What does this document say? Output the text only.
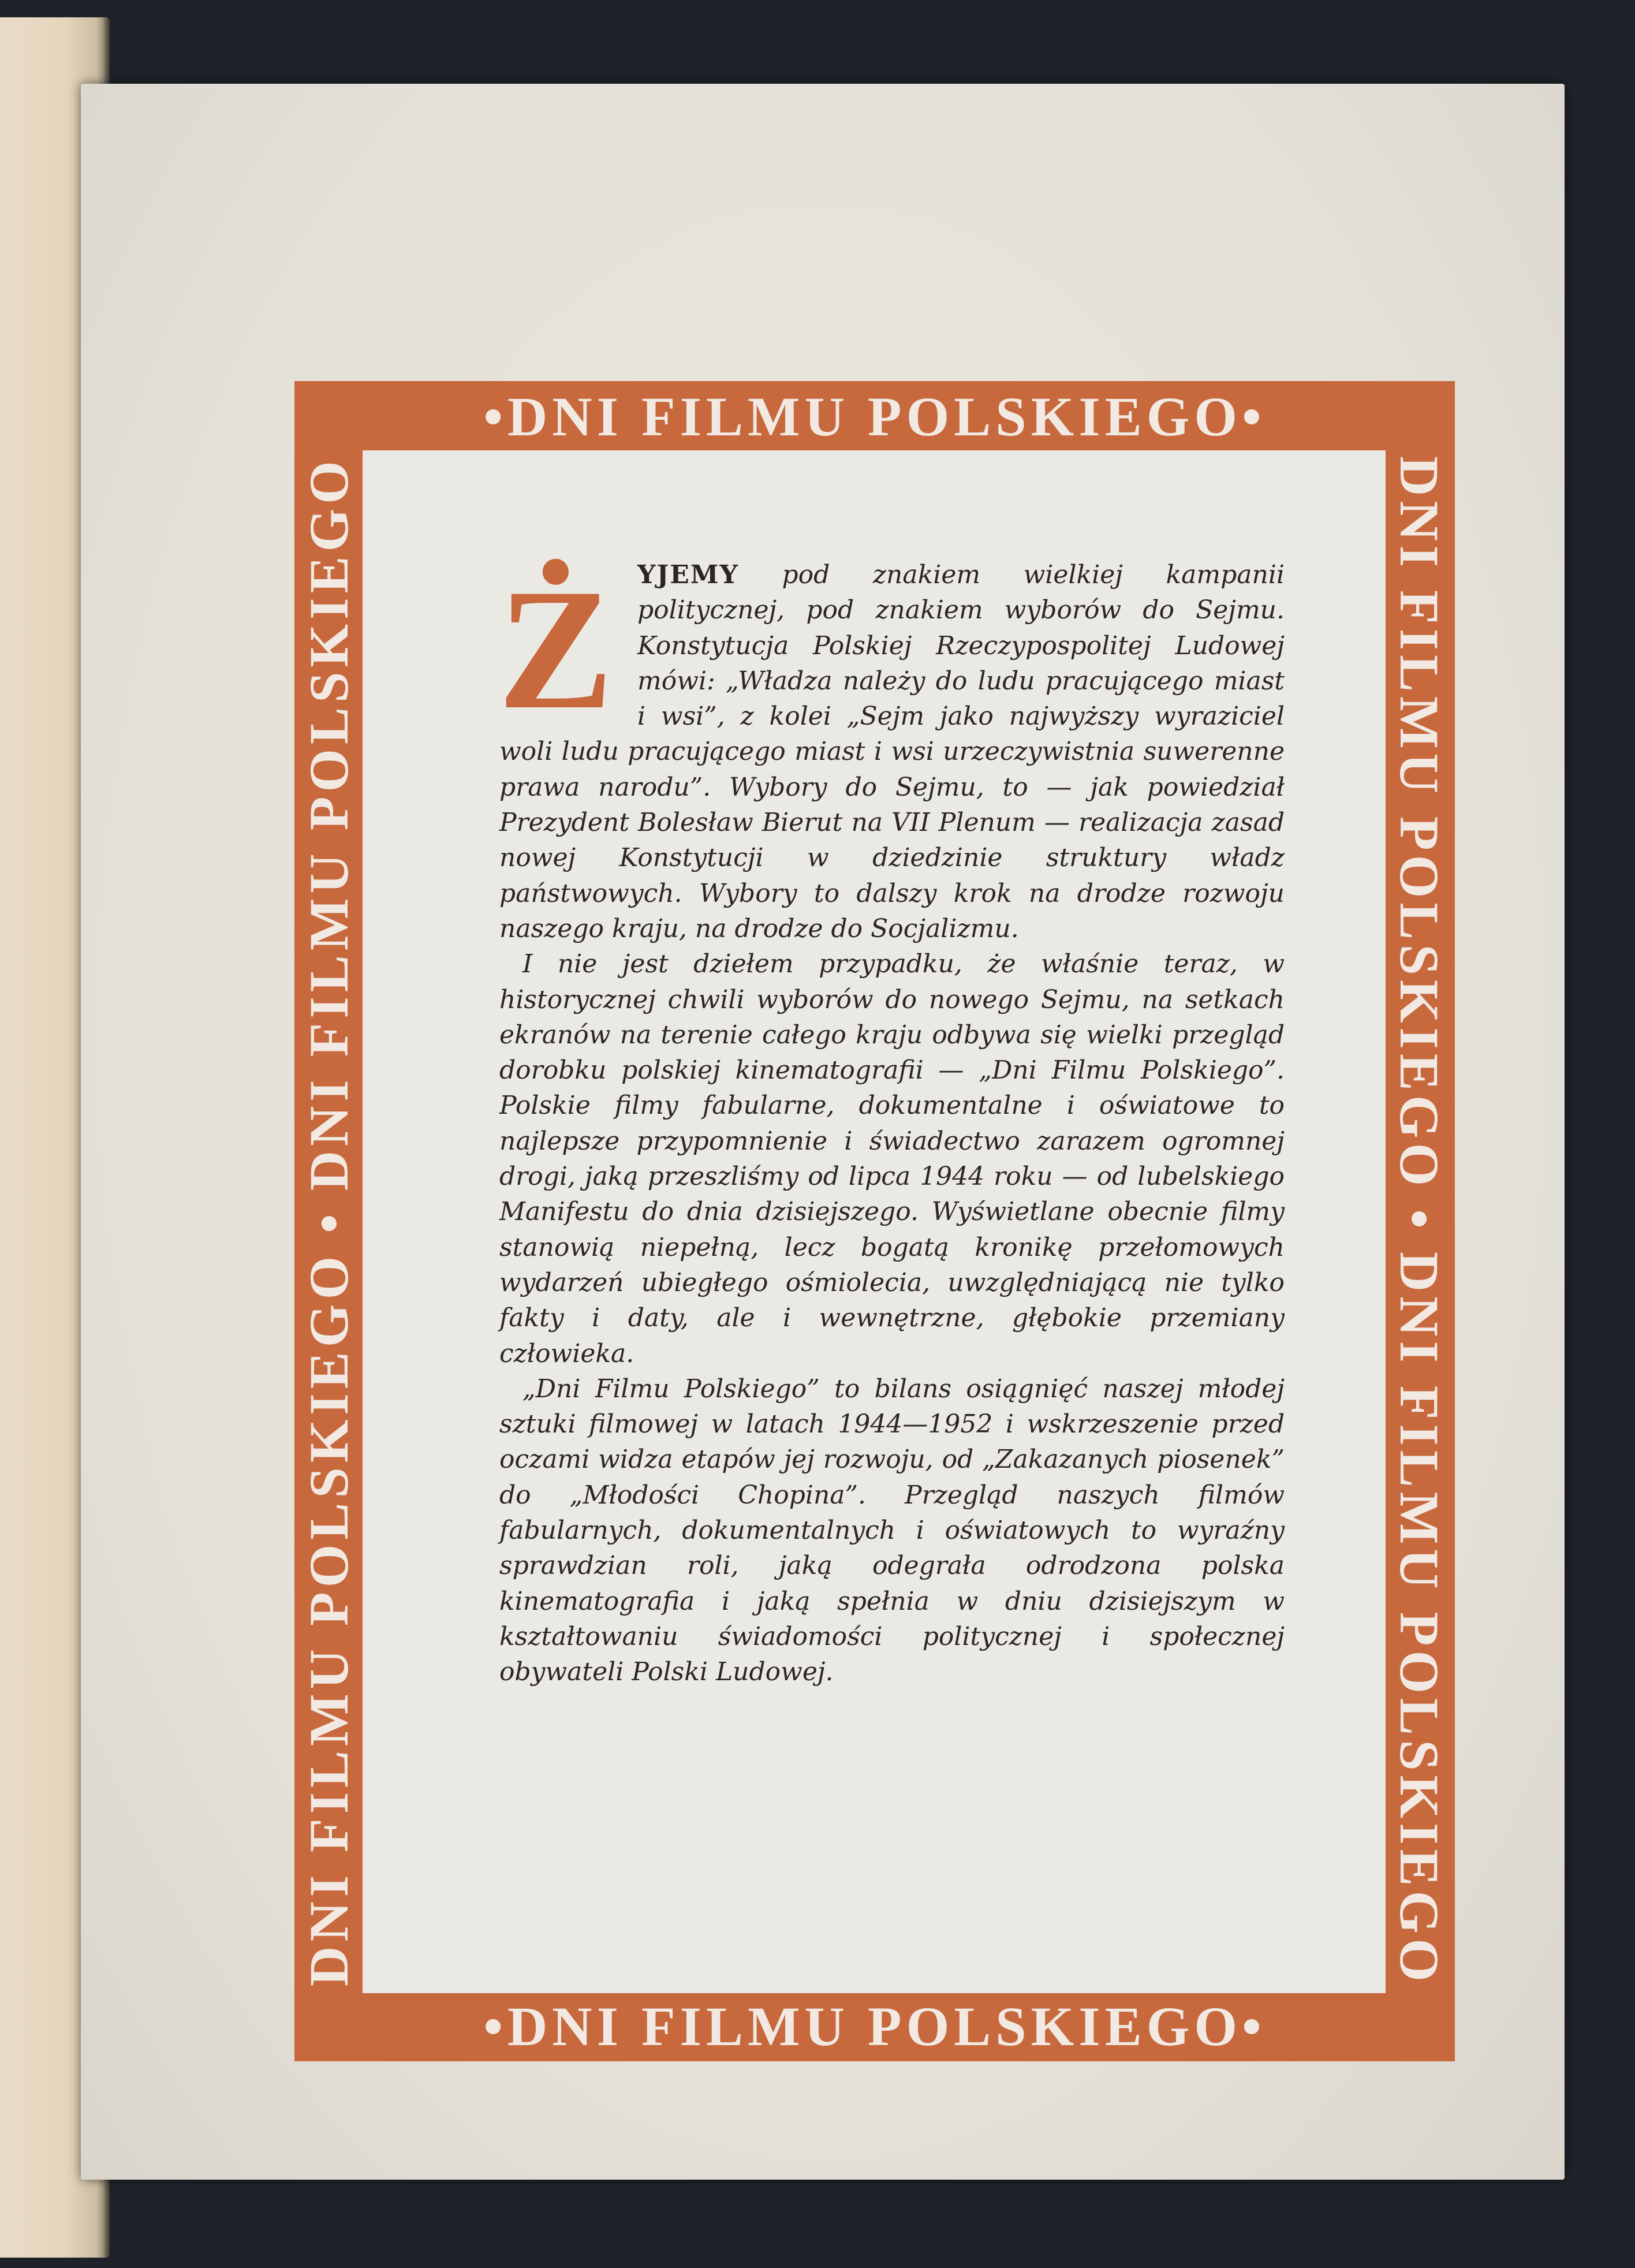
•DNI FILMU POLSKIEGO•
DNI FILMU POLSKIEGO • DNI FILMU POLSKIEGO	DNI FILMU POLSKIEGO • DNI FILMU POLSKIEGO
•DNI FILMU POLSKIEGO•
Ż YJEMY pod znakiem wielkiej kampanii politycznej, pod znakiem wyborów do Sejmu. Konstytucja Polskiej Rzeczypospolitej Ludowej mówi: „Władza należy do ludu pracującego miast i wsi”, z kolei „Sejm jako najwyższy wyraziciel woli ludu pracującego miast i wsi urzeczywistnia suwerenne prawa narodu”. Wybory do Sejmu, to — jak powiedział Prezydent Bolesław Bierut na VII Plenum — realizacja zasad nowej Konstytucji w dziedzinie struktury władz państwowych. Wybory to dalszy krok na drodze rozwoju naszego kraju, na drodze do Socjalizmu.

I nie jest dziełem przypadku, że właśnie teraz, w historycznej chwili wyborów do nowego Sejmu, na setkach ekranów na terenie całego kraju odbywa się wielki przegląd dorobku polskiej kinematografii — „Dni Filmu Polskiego”. Polskie filmy fabularne, dokumentalne i oświatowe to najlepsze przypomnienie i świadectwo zarazem ogromnej drogi, jaką przeszliśmy od lipca 1944 roku — od lubelskiego Manifestu do dnia dzisiejszego. Wyświetlane obecnie filmy stanowią niepełną, lecz bogatą kronikę przełomowych wydarzeń ubiegłego ośmiolecia, uwzględniającą nie tylko fakty i daty, ale i wewnętrzne, głębokie przemiany człowieka.

„Dni Filmu Polskiego” to bilans osiągnięć naszej młodej sztuki filmowej w latach 1944—1952 i wskrzeszenie przed oczami widza etapów jej rozwoju, od „Zakazanych piosenek” do „Młodości Chopina”. Przegląd naszych filmów fabularnych, dokumentalnych i oświatowych to wyraźny sprawdzian roli, jaką odegrała odrodzona polska kinematografia i jaką spełnia w dniu dzisiejszym w kształtowaniu świadomości politycznej i społecznej obywateli Polski Ludowej.
